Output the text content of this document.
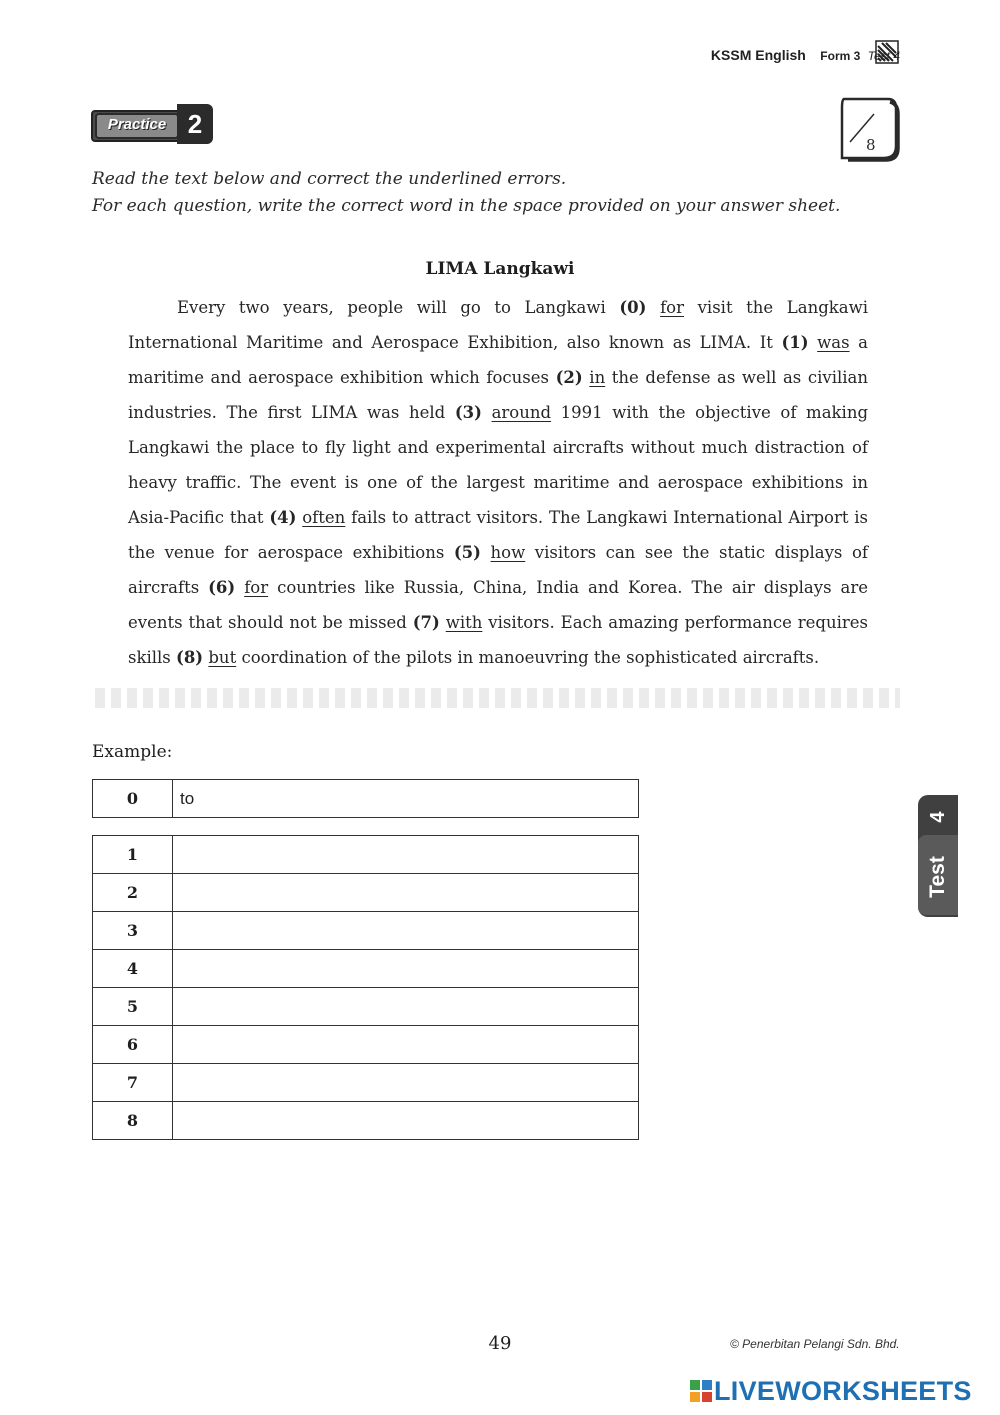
KSSM English Form 3 Test 4
Practice 2
8
Read the text below and correct the underlined errors.
For each question, write the correct word in the space provided on your answer sheet.
LIMA Langkawi

Every two years, people will go to Langkawi (0) for visit the Langkawi International Maritime and Aerospace Exhibition, also known as LIMA. It (1) was a maritime and aerospace exhibition which focuses (2) in the defense as well as civilian industries. The first LIMA was held (3) around 1991 with the objective of making Langkawi the place to fly light and experimental aircrafts without much distraction of heavy traffic. The event is one of the largest maritime and aerospace exhibitions in Asia-Pacific that (4) often fails to attract visitors. The Langkawi International Airport is the venue for aerospace exhibitions (5) how visitors can see the static displays of aircrafts (6) for countries like Russia, China, India and Korea. The air displays are events that should not be missed (7) with visitors. Each amazing performance requires skills (8) but coordination of the pilots in manoeuvring the sophisticated aircrafts.

Example:
0	to
1	
2	
3	
4	
5	
6	
7	
8	
4
Test
49	© Penerbitan Pelangi Sdn. Bhd.
LIVEWORKSHEETS
